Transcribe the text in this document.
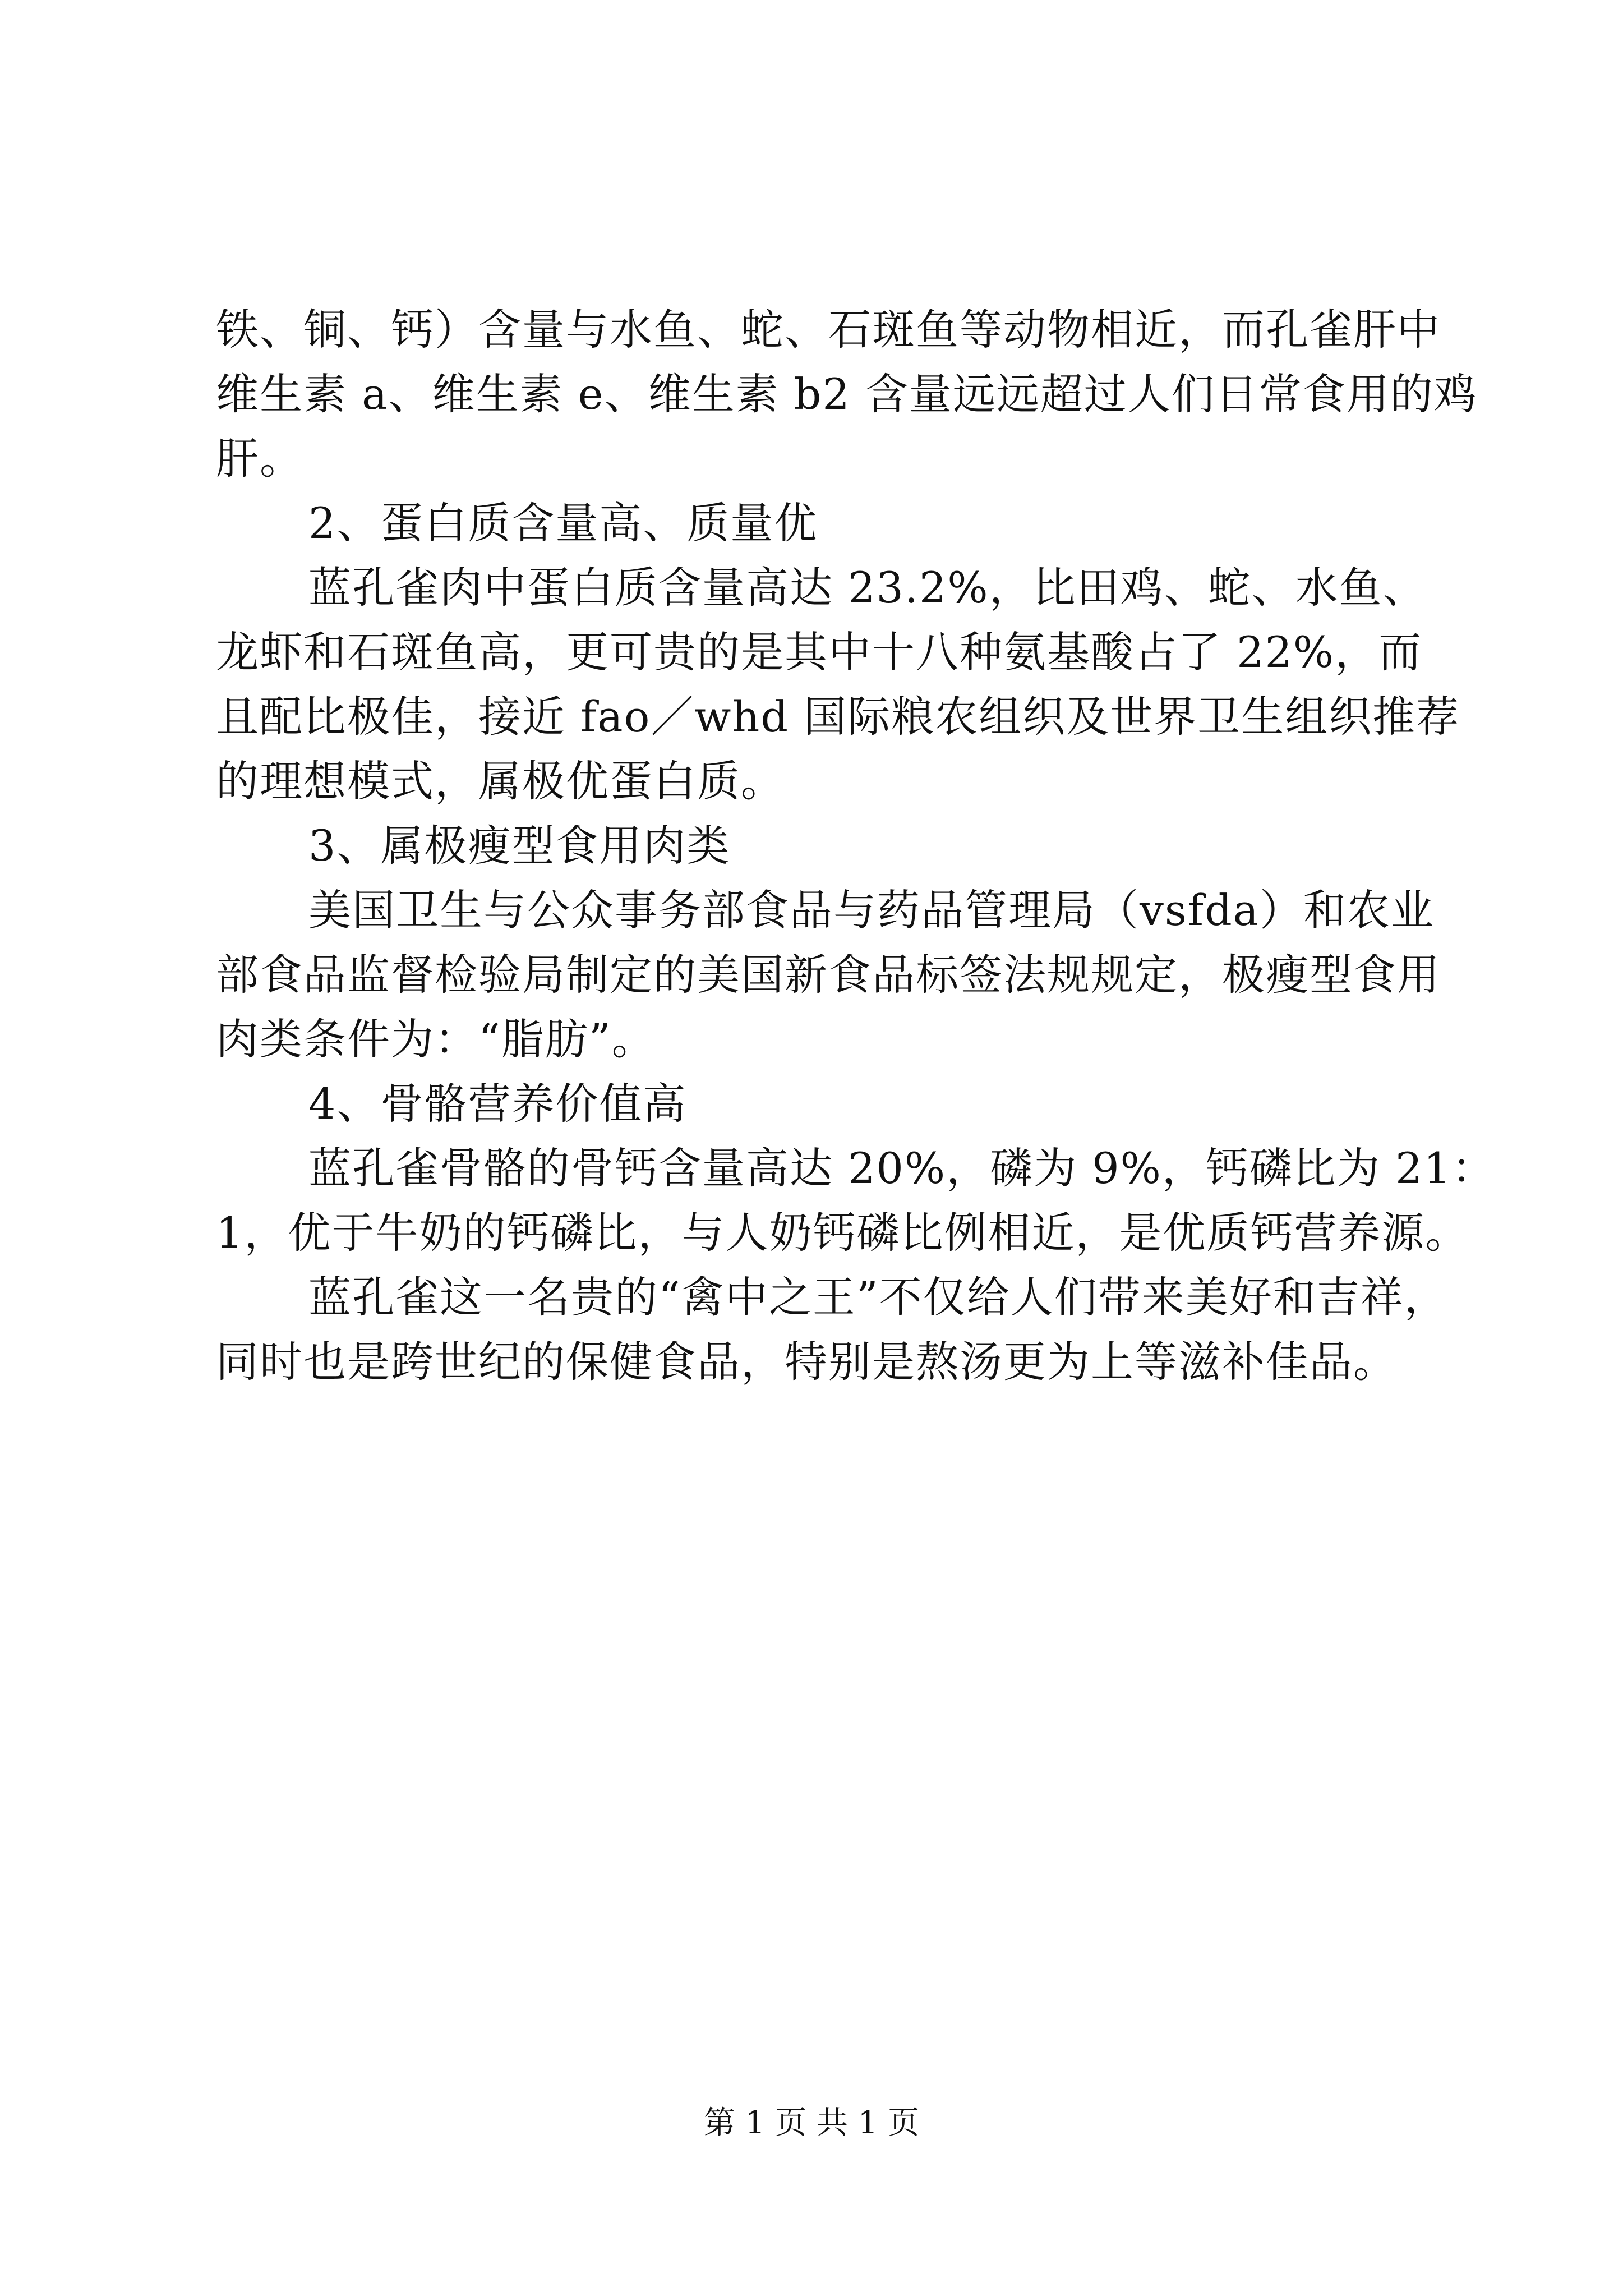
铁、铜、钙）含量与水鱼、蛇、石斑鱼等动物相近，而孔雀肝中
维生素 a、维生素 e、维生素 b2 含量远远超过人们日常食用的鸡
肝。
2、蛋白质含量高、质量优
蓝孔雀肉中蛋白质含量高达 23.2%，比田鸡、蛇、水鱼、
龙虾和石斑鱼高，更可贵的是其中十八种氨基酸占了 22%，而
且配比极佳，接近 fao／whd 国际粮农组织及世界卫生组织推荐
的理想模式，属极优蛋白质。
3、属极瘦型食用肉类
美国卫生与公众事务部食品与药品管理局（vsfda）和农业
部食品监督检验局制定的美国新食品标签法规规定，极瘦型食用
肉类条件为：“脂肪”。
4、骨骼营养价值高
蓝孔雀骨骼的骨钙含量高达 20%，磷为 9%，钙磷比为 21：
1，优于牛奶的钙磷比，与人奶钙磷比例相近，是优质钙营养源。
蓝孔雀这一名贵的“禽中之王”不仅给人们带来美好和吉祥，
同时也是跨世纪的保健食品，特别是熬汤更为上等滋补佳品。
第 1 页 共 1 页
